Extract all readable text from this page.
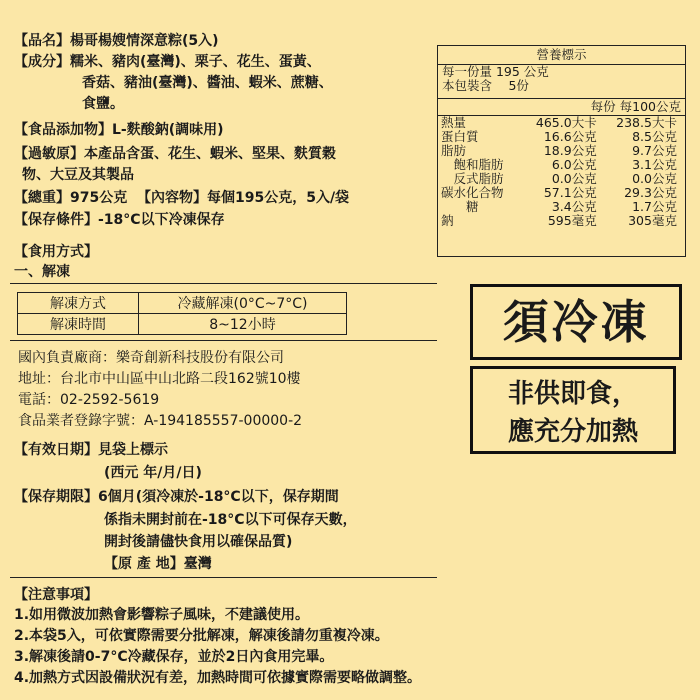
【品名】楊哥楊嫂情深意粽(5入)
【成分】糯米、豬肉(臺灣)、栗子、花生、蛋黃、
香菇、豬油(臺灣)、醬油、蝦米、蔗糖、
食鹽。
【食品添加物】L-麩酸鈉(調味用)
【過敏原】本產品含蛋、花生、蝦米、堅果、麩質穀
物、大豆及其製品
【總重】975公克 【內容物】每個195公克，5入/袋
【保存條件】-18°C以下冷凍保存
【食用方式】
一、解凍
解凍方式	冷藏解凍(0°C~7°C)
解凍時間	8~12小時
國內負責廠商：樂奇創新科技股份有限公司
地址：台北市中山區中山北路二段162號10樓
電話：02-2592-5619
食品業者登錄字號：A-194185557-00000-2
【有效日期】見袋上標示
(西元 年/月/日)
【保存期限】6個月(須冷凍於-18°C以下，保存期間
係指未開封前在-18°C以下可保存天數，
開封後請儘快食用以確保品質)
【原 產 地】臺灣
【注意事項】
1.如用微波加熱會影響粽子風味，不建議使用。
2.本袋5入，可依實際需要分批解凍，解凍後請勿重複冷凍。
3.解凍後請0-7°C冷藏保存，並於2日內食用完畢。
4.加熱方式因設備狀況有差，加熱時間可依據實際需要略做調整。
營養標示
每一份量 195 公克
本包裝含　 5份
每份 每100公克
熱量	465.0	大卡	238.5	大卡
蛋白質	16.6	公克	8.5	公克
脂肪	18.9	公克	9.7	公克
　飽和脂肪	6.0	公克	3.1	公克
　反式脂肪	0.0	公克	0.0	公克
碳水化合物	57.1	公克	29.3	公克
　　糖	3.4	公克	1.7	公克
鈉	595	毫克	305	毫克
須冷凍
非供即食，
應充分加熱
